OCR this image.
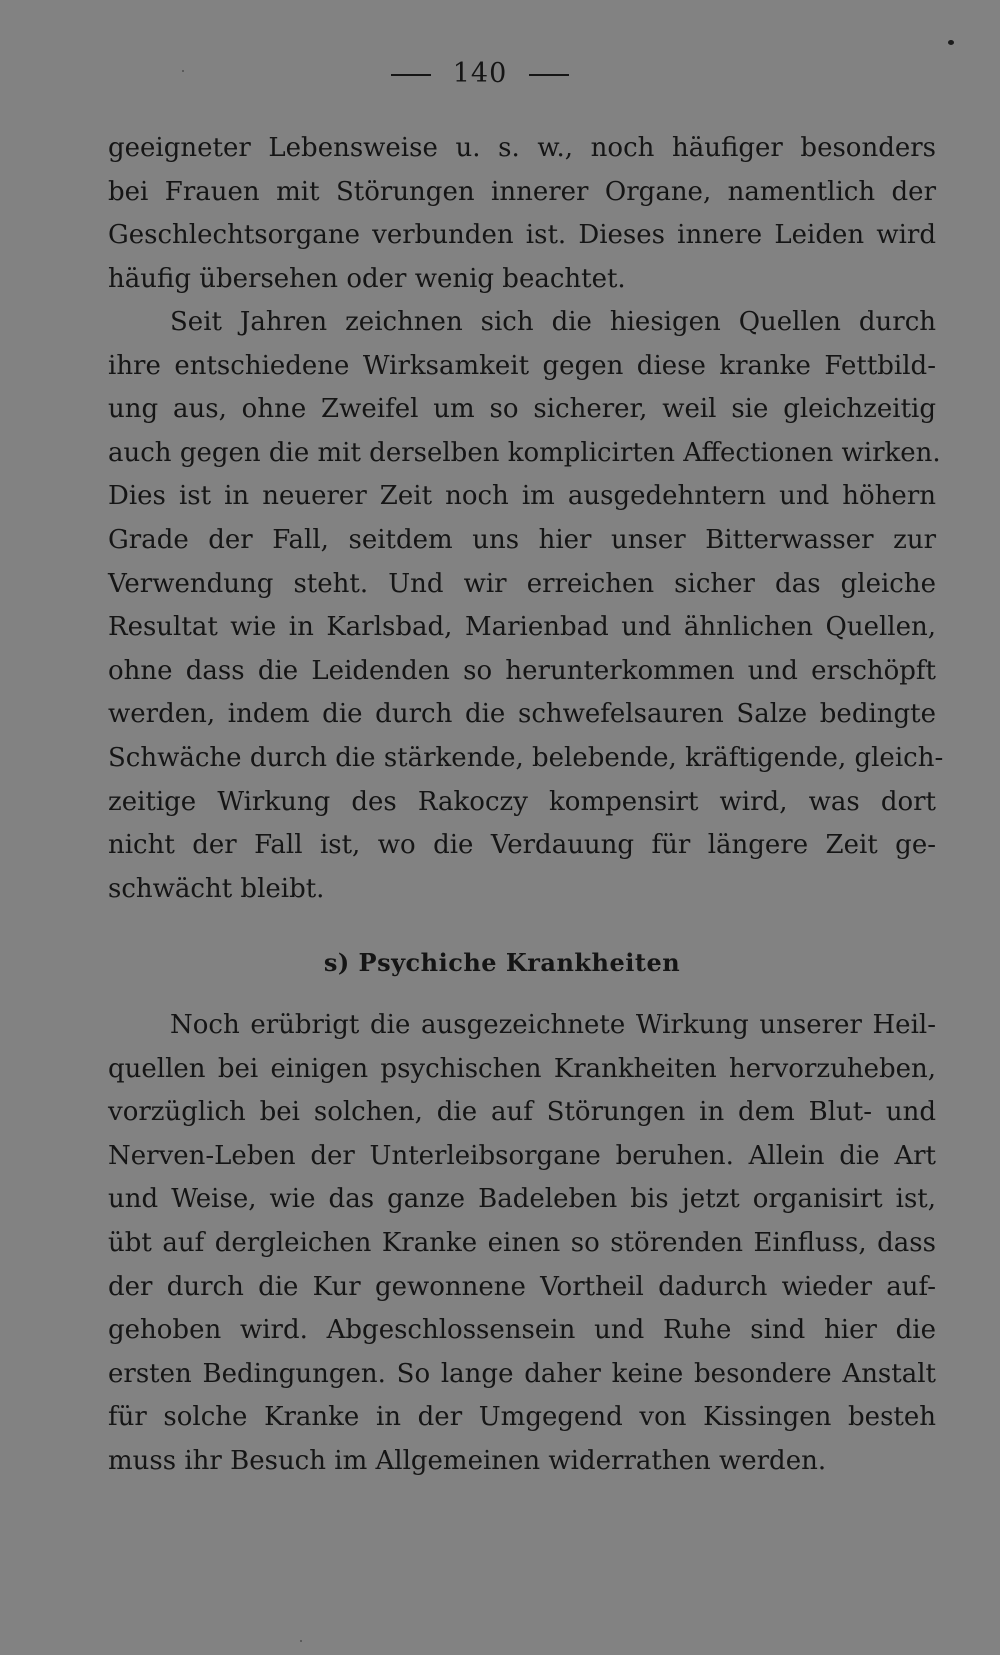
140
geeigneter Lebensweise u. s. w., noch häufiger besonders
bei Frauen mit Störungen innerer Organe, namentlich der
Geschlechtsorgane verbunden ist. Dieses innere Leiden wird
häufig übersehen oder wenig beachtet.
Seit Jahren zeichnen sich die hiesigen Quellen durch
ihre entschiedene Wirksamkeit gegen diese kranke Fettbild-
ung aus, ohne Zweifel um so sicherer, weil sie gleichzeitig
auch gegen die mit derselben komplicirten Affectionen wirken.
Dies ist in neuerer Zeit noch im ausgedehntern und höhern
Grade der Fall, seitdem uns hier unser Bitterwasser zur
Verwendung steht. Und wir erreichen sicher das gleiche
Resultat wie in Karlsbad, Marienbad und ähnlichen Quellen,
ohne dass die Leidenden so herunterkommen und erschöpft
werden, indem die durch die schwefelsauren Salze bedingte
Schwäche durch die stärkende, belebende, kräftigende, gleich-
zeitige Wirkung des Rakoczy kompensirt wird, was dort
nicht der Fall ist, wo die Verdauung für längere Zeit ge-
schwächt bleibt.
s) Psychiche Krankheiten
Noch erübrigt die ausgezeichnete Wirkung unserer Heil-
quellen bei einigen psychischen Krankheiten hervorzuheben,
vorzüglich bei solchen, die auf Störungen in dem Blut- und
Nerven-Leben der Unterleibsorgane beruhen. Allein die Art
und Weise, wie das ganze Badeleben bis jetzt organisirt ist,
übt auf dergleichen Kranke einen so störenden Einfluss, dass
der durch die Kur gewonnene Vortheil dadurch wieder auf-
gehoben wird. Abgeschlossensein und Ruhe sind hier die
ersten Bedingungen. So lange daher keine besondere Anstalt
für solche Kranke in der Umgegend von Kissingen besteh
muss ihr Besuch im Allgemeinen widerrathen werden.
